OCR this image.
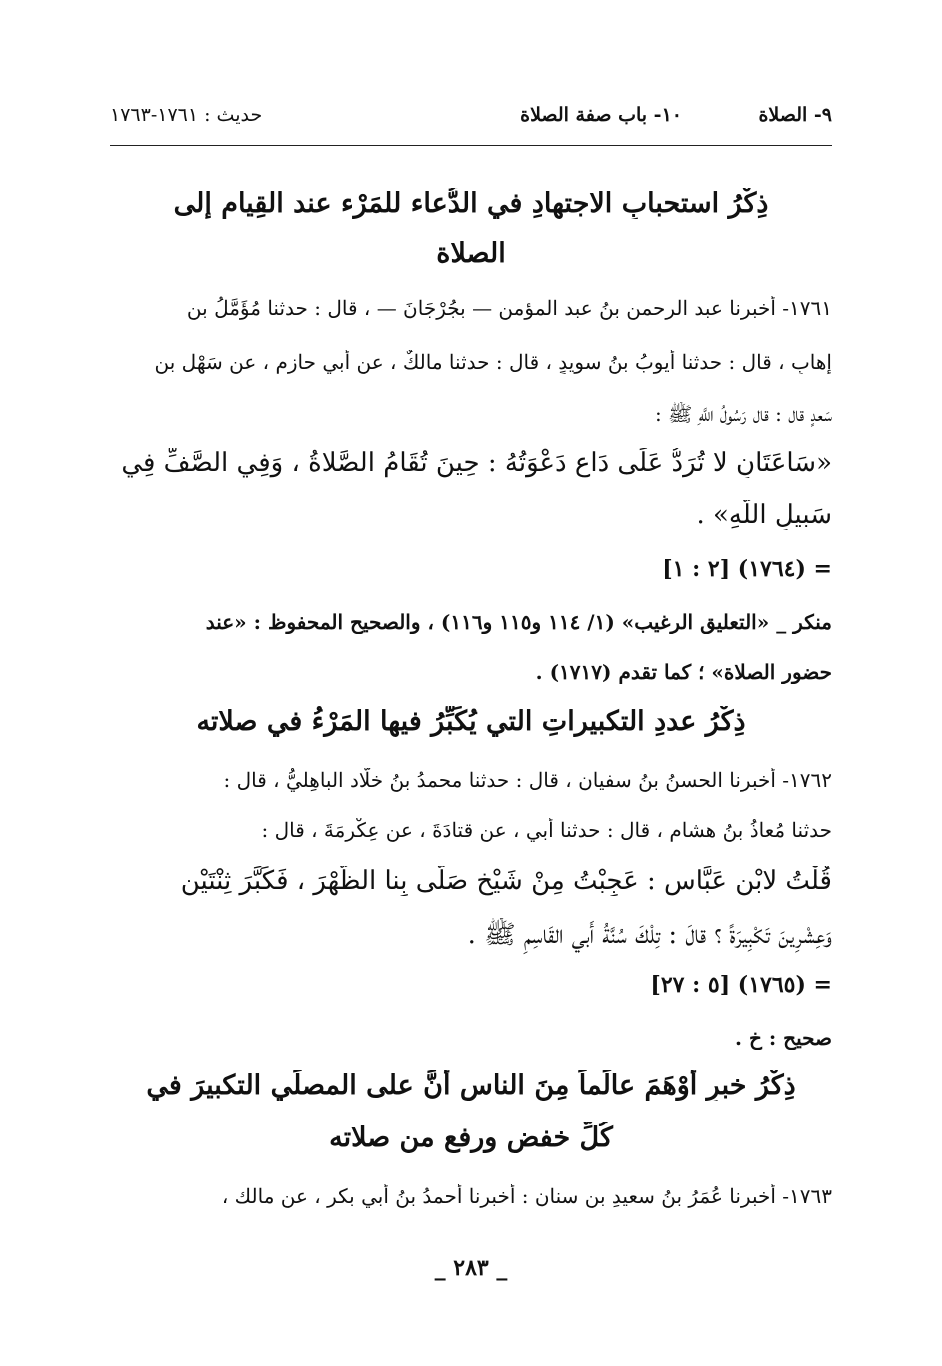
٩- الصلاة
١٠- باب صفة الصلاة
حديث : ١٧٦١-١٧٦٣
ذِكْرُ استحبابِ الاجتهادِ في الدُّعاء للمَرْء عند القِيام إلى
الصلاة
١٧٦١- أخبرنا عبد الرحمن بنُ عبد المؤمن — بجُرْجَانَ — ، قال : حدثنا مُؤَمَّلُ بن
إهابٍ ، قال : حدثنا أيوبُ بنُ سويدٍ ، قال : حدثنا مالكٌ ، عن أبي حازمٍ ، عن سَهْلِ بن
سَعدٍ قال : قال رَسُولُ اللَّهِ ﷺ :
«سَاعَتَانِ لا تُرَدُّ عَلَى دَاعٍ دَعْوَتُهُ : حِينَ تُقَامُ الصَّلاةُ ، وَفِي الصَّفِّ فِي
سَبيلِ اللَّهِ» .
= (١٧٦٤) [٢ : ١]
منكر _ «التعليق الرغيب» (١/ ١١٤ و١١٥ و١١٦) ، والصحيح المحفوظ : «عند
حضور الصلاة» ؛ كما تقدم (١٧١٧) .
ذِكْرُ عددِ التكبيراتِ التي يُكَبِّرُ فيها المَرْءُ في صلاته
١٧٦٢- أخبرنا الحسنُ بنُ سفيان ، قال : حدثنا محمدُ بنُ خلَّاد الباهِليُّ ، قال :
حدثنا مُعاذُ بنُ هشام ، قال : حدثنا أبي ، عن قتادَةَ ، عن عِكْرِمَةَ ، قال :
قُلْتُ لابْنِ عَبَّاس : عَجِبْتُ مِنْ شَيْخٍ صَلَّى بِنا الظُّهْرَ ، فَكَبَّرَ ثِنْتَيْنِ
وَعِشْرِينَ تَكْبِيرَةً ؟ قالَ : تِلْكَ سُنَّةُ أَبي القَاسِمِ ﷺ .
= (١٧٦٥) [٥ : ٢٧]
صحيح : خ .
ذِكْرُ خبرٍ أَوْهَمَ عالَماً مِنَ الناسِ أنَّ على المصلِّي التكبيرَ في
كُلِّ خفضٍ ورفعٍ من صلاته
١٧٦٣- أخبرنا عُمَرُ بنُ سعيدِ بنِ سنان : أخبرنا أحمدُ بنُ أبي بكر ، عن مالك ،
_ ٢٨٣ _
